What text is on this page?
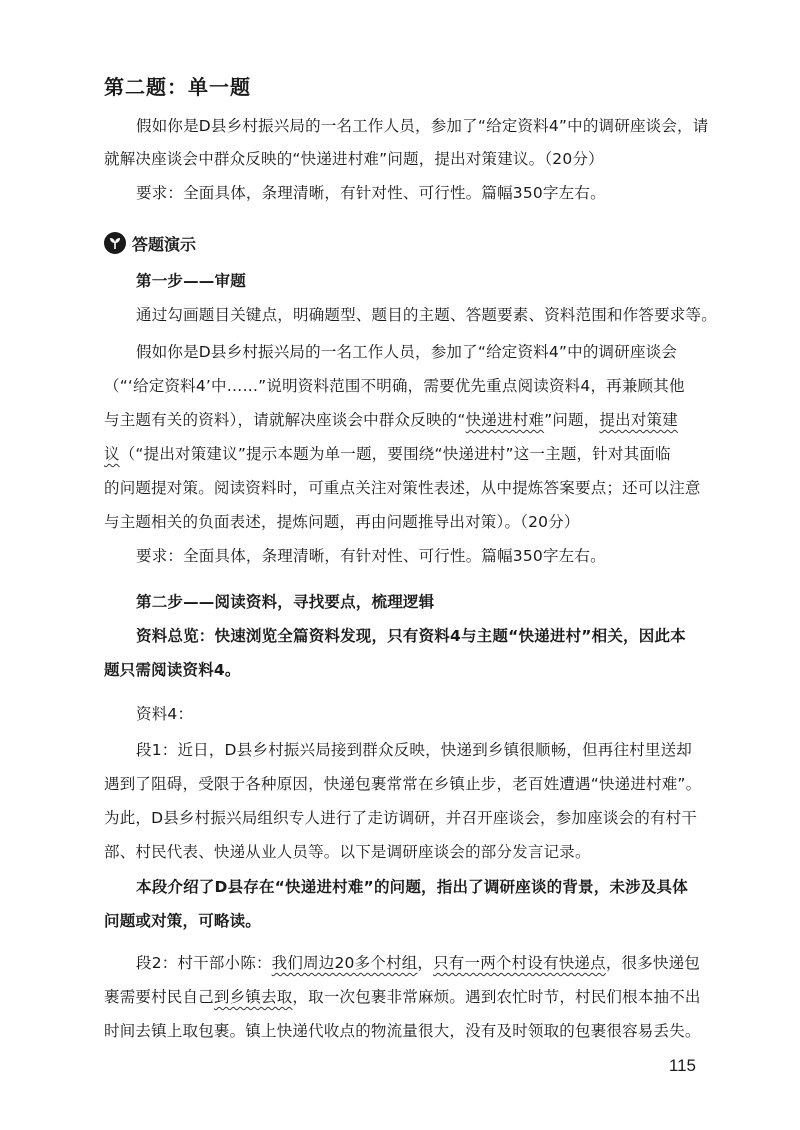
第二题：单一题
假如你是D县乡村振兴局的一名工作人员，参加了“给定资料4”中的调研座谈会，请
就解决座谈会中群众反映的“快递进村难”问题，提出对策建议。（20分）
要求：全面具体，条理清晰，有针对性、可行性。篇幅350字左右。
答题演示
第一步——审题
通过勾画题目关键点，明确题型、题目的主题、答题要素、资料范围和作答要求等。
假如你是D县乡村振兴局的一名工作人员，参加了“给定资料4”中的调研座谈会
（“‘给定资料4’中……”说明资料范围不明确，需要优先重点阅读资料4，再兼顾其他
与主题有关的资料），请就解决座谈会中群众反映的“快递进村难”问题，提出对策建
议（“提出对策建议”提示本题为单一题，要围绕“快递进村”这一主题，针对其面临
的问题提对策。阅读资料时，可重点关注对策性表述，从中提炼答案要点；还可以注意
与主题相关的负面表述，提炼问题，再由问题推导出对策）。（20分）
要求：全面具体，条理清晰，有针对性、可行性。篇幅350字左右。
第二步——阅读资料，寻找要点，梳理逻辑
资料总览：快速浏览全篇资料发现，只有资料4与主题“快递进村”相关，因此本
题只需阅读资料4。
资料4：
段1：近日，D县乡村振兴局接到群众反映，快递到乡镇很顺畅，但再往村里送却
遇到了阻碍，受限于各种原因，快递包裹常常在乡镇止步，老百姓遭遇“快递进村难”。
为此，D县乡村振兴局组织专人进行了走访调研，并召开座谈会，参加座谈会的有村干
部、村民代表、快递从业人员等。以下是调研座谈会的部分发言记录。
本段介绍了D县存在“快递进村难”的问题，指出了调研座谈的背景，未涉及具体
问题或对策，可略读。
段2：村干部小陈：我们周边20多个村组，只有一两个村设有快递点，很多快递包
裹需要村民自己到乡镇去取，取一次包裹非常麻烦。遇到农忙时节，村民们根本抽不出
时间去镇上取包裹。镇上快递代收点的物流量很大，没有及时领取的包裹很容易丢失。
115
